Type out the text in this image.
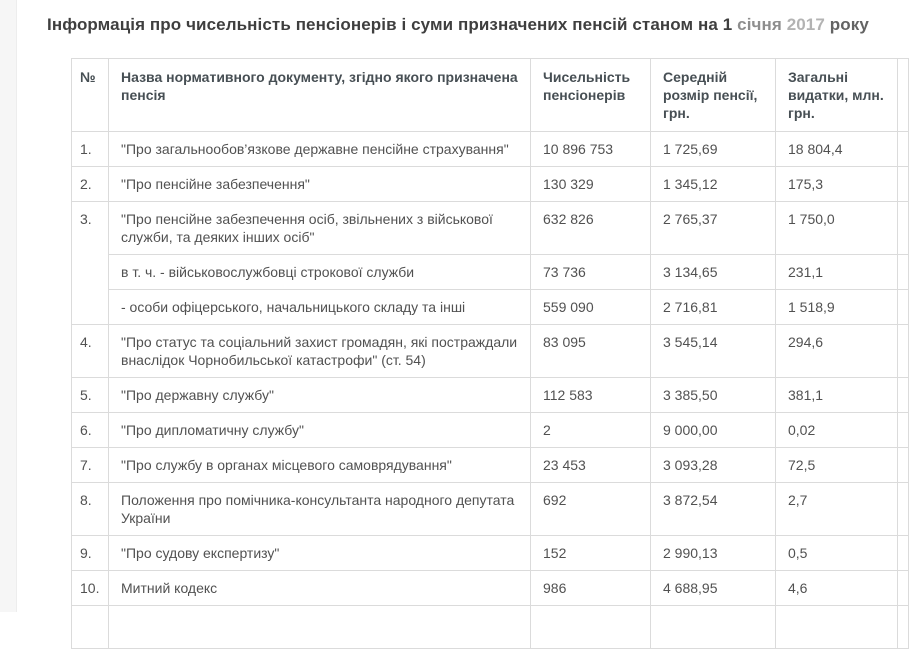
Інформація про чисельність пенсіонерів і суми призначених пенсій станом на 1 січня 2017 року
№	Назва нормативного документу, згідно якого призначена пенсія	Чисельність пенсіонерів	Середній розмір пенсії, грн.	Загальні видатки, млн. грн.	
1.	"Про загальнообов’язкове державне пенсійне страхування"	10 896 753	1 725,69	18 804,4	
2.	"Про пенсійне забезпечення"	130 329	1 345,12	175,3	
3.	"Про пенсійне забезпечення осіб, звільнених з військової служби, та деяких інших осіб"	632 826	2 765,37	1 750,0	
	в т. ч. - військовослужбовці строкової служби	73 736	3 134,65	231,1	
	- особи офіцерського, начальницького складу та інші	559 090	2 716,81	1 518,9	
4.	"Про статус та соціальний захист громадян, які постраждали внаслідок Чорнобильської катастрофи" (ст. 54)	83 095	3 545,14	294,6	
5.	"Про державну службу"	112 583	3 385,50	381,1	
6.	"Про дипломатичну службу"	2	9 000,00	0,02	
7.	"Про службу в органах місцевого самоврядування"	23 453	3 093,28	72,5	
8.	Положення про помічника-консультанта народного депутата України	692	3 872,54	2,7	
9.	"Про судову експертизу"	152	2 990,13	0,5	
10.	Митний кодекс	986	4 688,95	4,6	
